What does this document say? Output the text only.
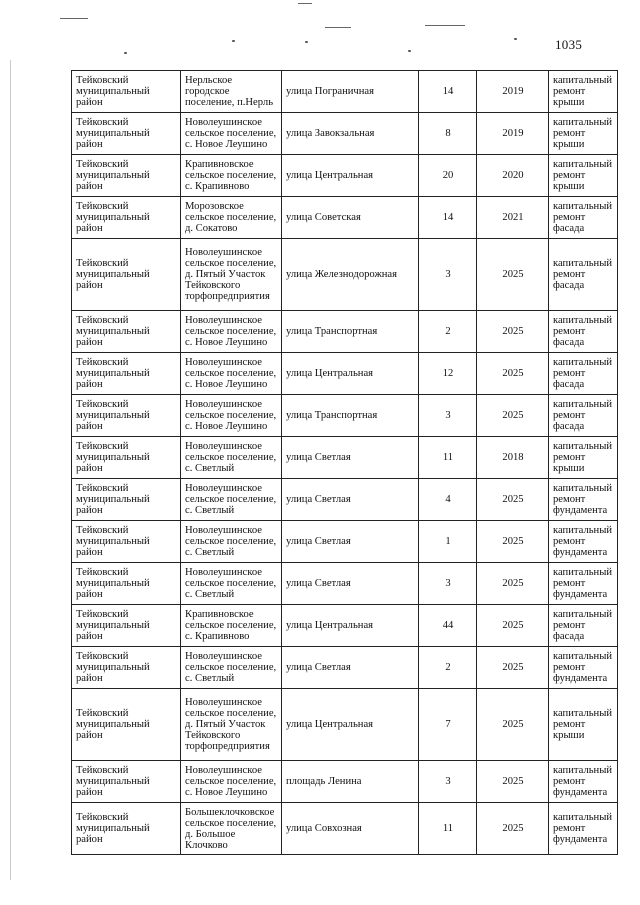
1035
Тейковский муниципальный район	Нерльское городское поселение, п.Нерль	улица Пограничная	14	2019	капитальный ремонт крыши
Тейковский муниципальный район	Новолеушинское сельское поселение, с. Новое Леушино	улица Завокзальная	8	2019	капитальный ремонт крыши
Тейковский муниципальный район	Крапивновское сельское поселение, с. Крапивново	улица Центральная	20	2020	капитальный ремонт крыши
Тейковский муниципальный район	Морозовское сельское поселение, д. Сокатово	улица Советская	14	2021	капитальный ремонт фасада
Тейковский муниципальный район	Новолеушинское сельское поселение, д. Пятый Участок Тейковского торфопредприятия	улица Железнодорожная	3	2025	капитальный ремонт фасада
Тейковский муниципальный район	Новолеушинское сельское поселение, с. Новое Леушино	улица Транспортная	2	2025	капитальный ремонт фасада
Тейковский муниципальный район	Новолеушинское сельское поселение, с. Новое Леушино	улица Центральная	12	2025	капитальный ремонт фасада
Тейковский муниципальный район	Новолеушинское сельское поселение, с. Новое Леушино	улица Транспортная	3	2025	капитальный ремонт фасада
Тейковский муниципальный район	Новолеушинское сельское поселение, с. Светлый	улица Светлая	11	2018	капитальный ремонт крыши
Тейковский муниципальный район	Новолеушинское сельское поселение, с. Светлый	улица Светлая	4	2025	капитальный ремонт фундамента
Тейковский муниципальный район	Новолеушинское сельское поселение, с. Светлый	улица Светлая	1	2025	капитальный ремонт фундамента
Тейковский муниципальный район	Новолеушинское сельское поселение, с. Светлый	улица Светлая	3	2025	капитальный ремонт фундамента
Тейковский муниципальный район	Крапивновское сельское поселение, с. Крапивново	улица Центральная	44	2025	капитальный ремонт фасада
Тейковский муниципальный район	Новолеушинское сельское поселение, с. Светлый	улица Светлая	2	2025	капитальный ремонт фундамента
Тейковский муниципальный район	Новолеушинское сельское поселение, д. Пятый Участок Тейковского торфопредприятия	улица Центральная	7	2025	капитальный ремонт крыши
Тейковский муниципальный район	Новолеушинское сельское поселение, с. Новое Леушино	площадь Ленина	3	2025	капитальный ремонт фундамента
Тейковский муниципальный район	Большеклочковское сельское поселение, д. Большое Клочково	улица Совхозная	11	2025	капитальный ремонт фундамента
